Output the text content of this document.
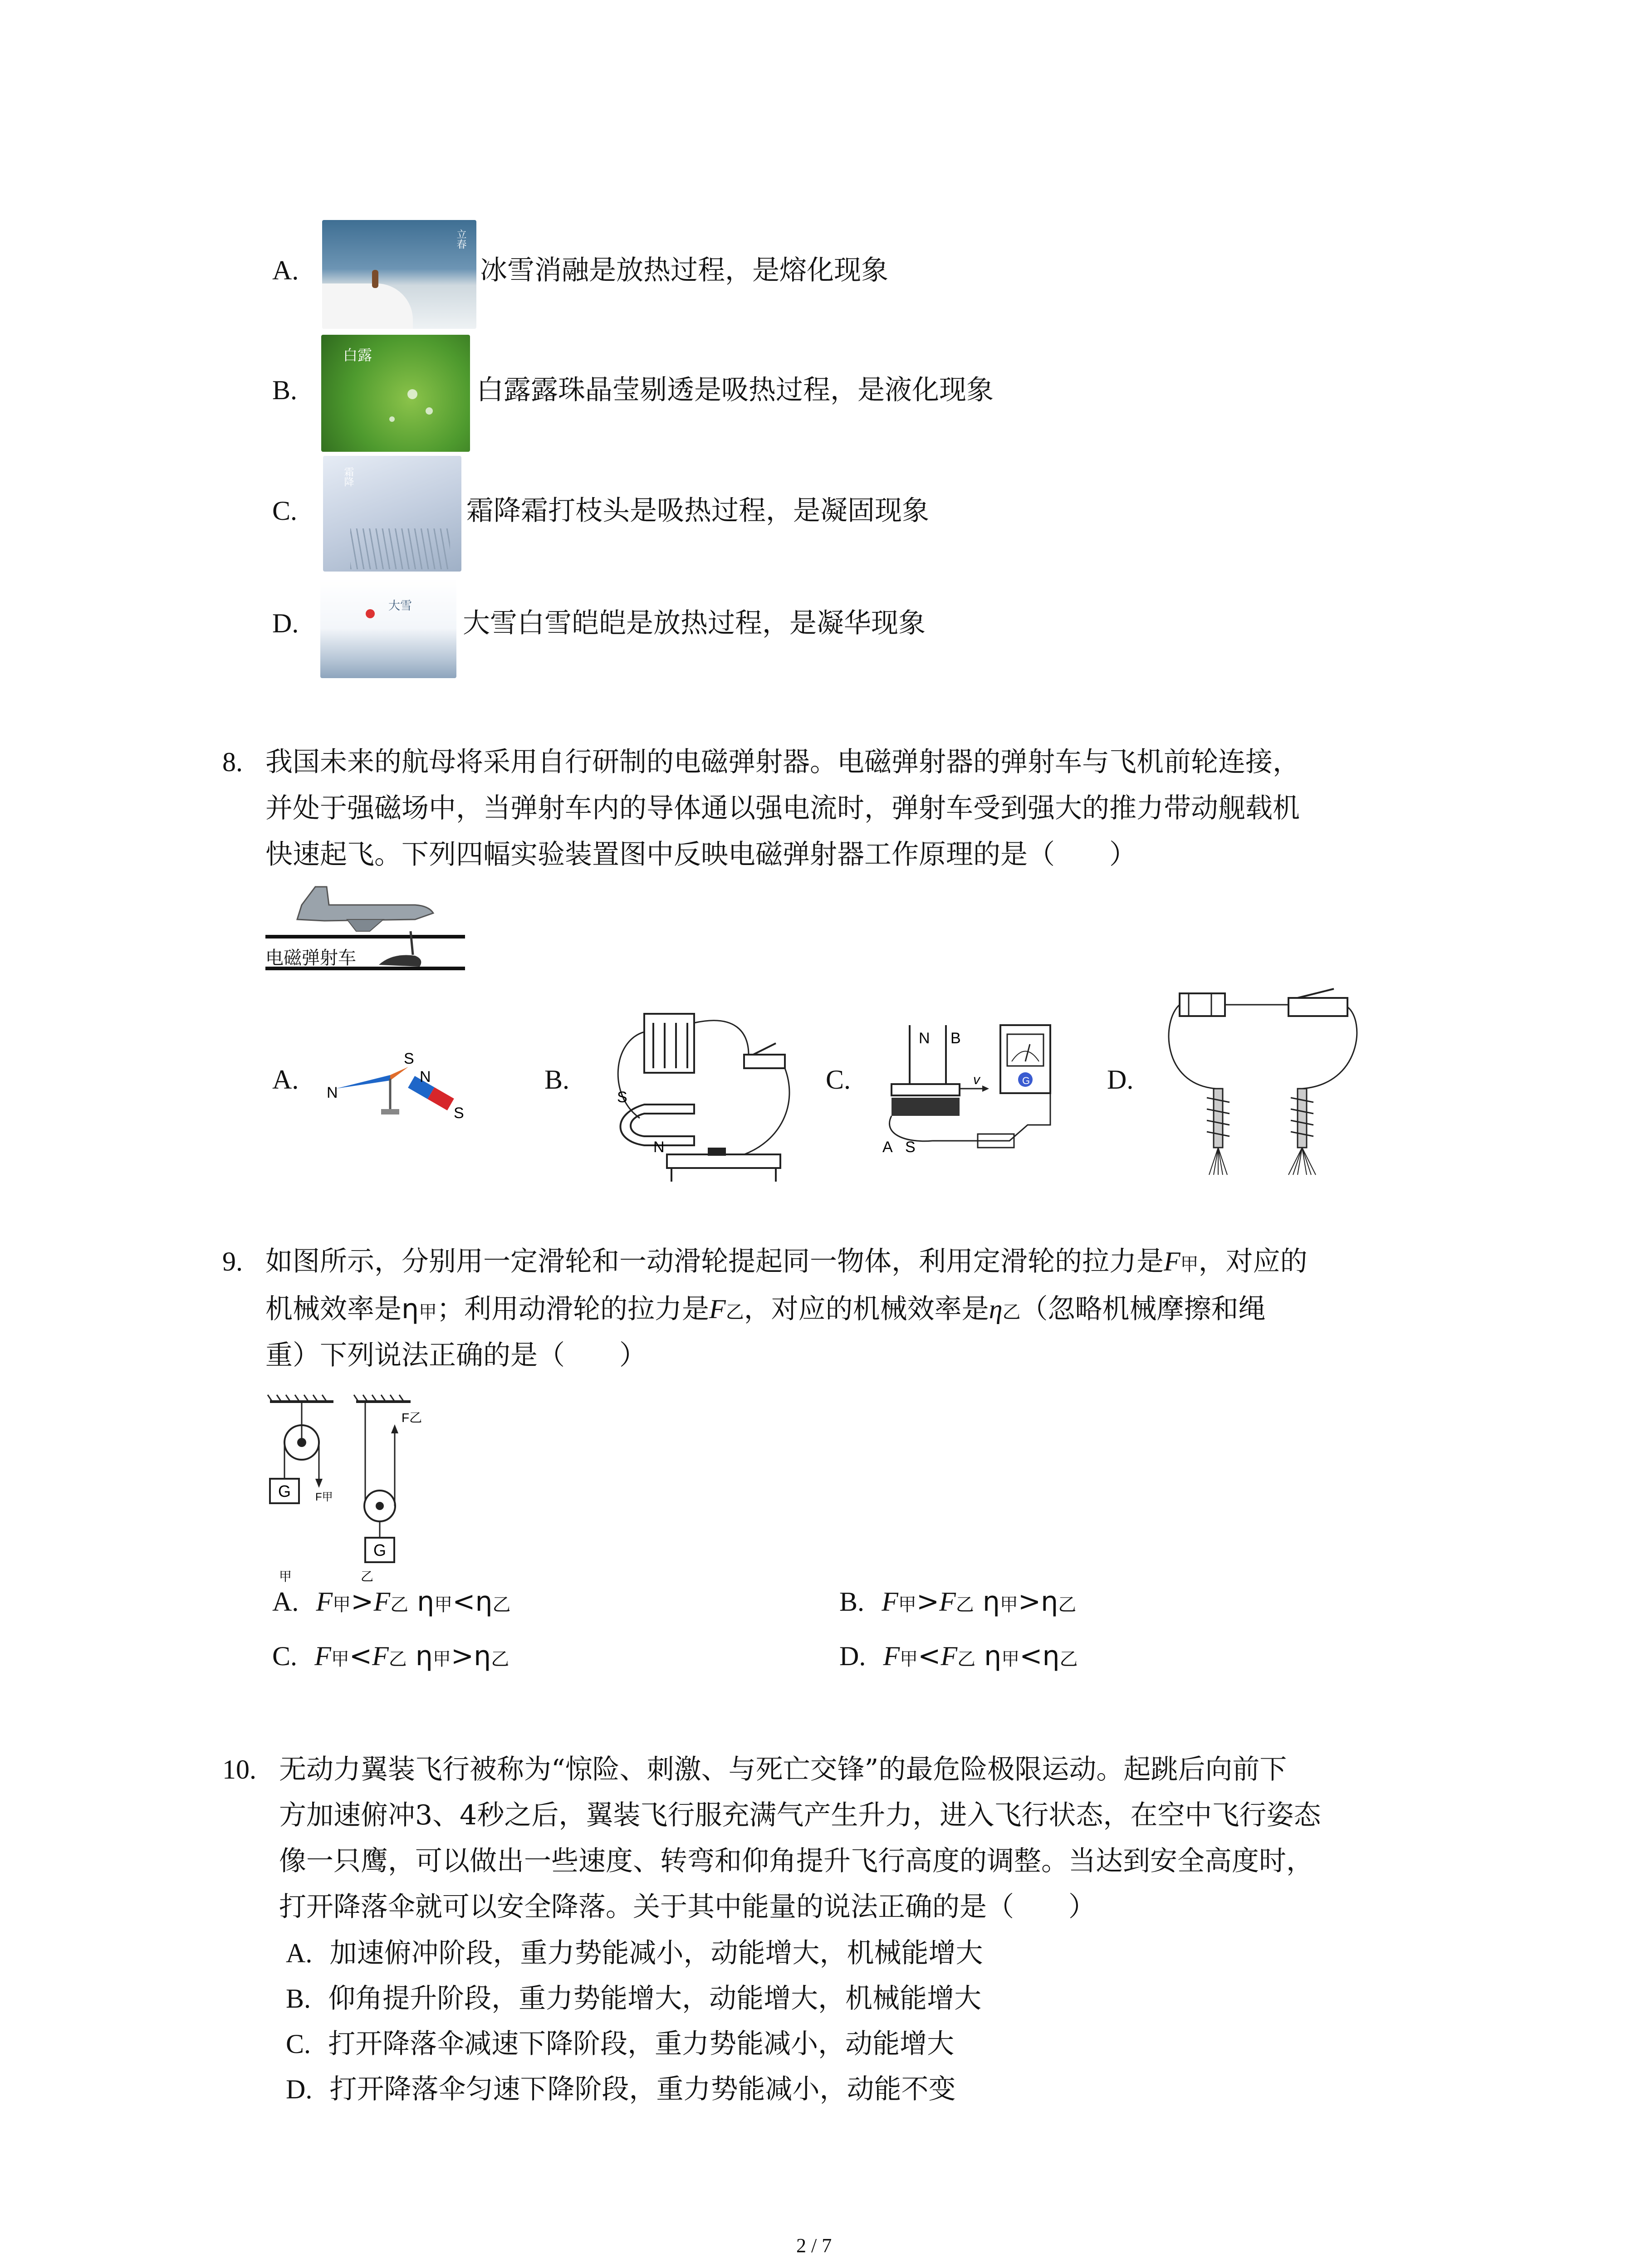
A.
立春
冰雪消融是放热过程，是熔化现象
B.
白露
白露露珠晶莹剔透是吸热过程，是液化现象
C.
霜降
霜降霜打枝头是吸热过程，是凝固现象
D.
大雪
大雪白雪皑皑是放热过程，是凝华现象
8. 我国未来的航母将采用自行研制的电磁弹射器。电磁弹射器的弹射车与飞机前轮连接，
并处于强磁场中，当弹射车内的导体通以强电流时，弹射车受到强大的推力带动舰载机
快速起飞。下列四幅实验装置图中反映电磁弹射器工作原理的是（　　）
电磁弹射车
A.	B.	C.	D.
N
S
N
S
S
N
G
N B
v
A S
9. 如图所示，分别用一定滑轮和一动滑轮提起同一物体，利用定滑轮的拉力是F甲，对应的
机械效率是η甲；利用动滑轮的拉力是F乙，对应的机械效率是η乙（忽略机械摩擦和绳
重）下列说法正确的是（　　）
G F甲
G
F乙
甲	乙
A. F甲>F乙 η甲<η乙	B. F甲>F乙 η甲>η乙
C. F甲<F乙 η甲>η乙	D. F甲<F乙 η甲<η乙
10. 无动力翼装飞行被称为“惊险、刺激、与死亡交锋”的最危险极限运动。起跳后向前下
方加速俯冲3、4秒之后，翼装飞行服充满气产生升力，进入飞行状态，在空中飞行姿态
像一只鹰，可以做出一些速度、转弯和仰角提升飞行高度的调整。当达到安全高度时，
打开降落伞就可以安全降落。关于其中能量的说法正确的是（　　）
A. 加速俯冲阶段，重力势能减小，动能增大，机械能增大
B. 仰角提升阶段，重力势能增大，动能增大，机械能增大
C. 打开降落伞减速下降阶段，重力势能减小，动能增大
D. 打开降落伞匀速下降阶段，重力势能减小，动能不变
2 / 7
